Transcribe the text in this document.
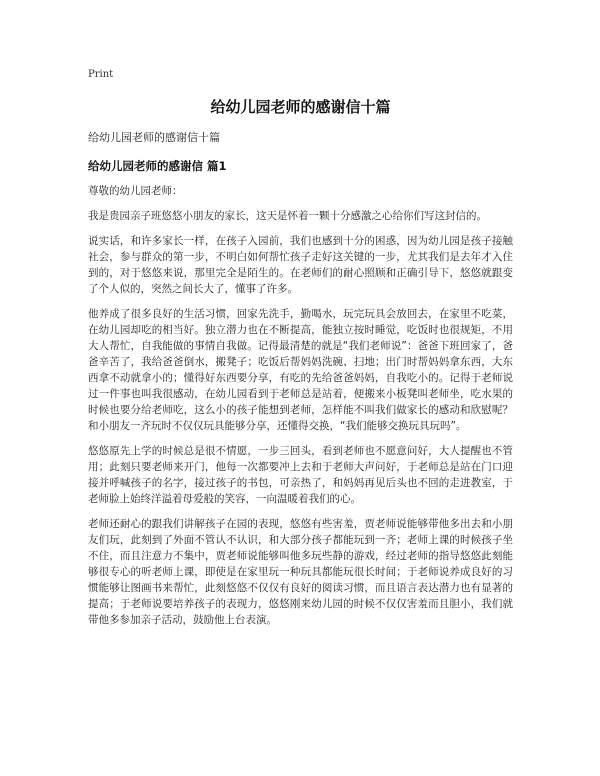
Print
给幼儿园老师的感谢信十篇
给幼儿园老师的感谢信十篇
给幼儿园老师的感谢信 篇1

尊敬的幼儿园老师：

我是贵园亲子班悠悠小朋友的家长，这天是怀着一颗十分感激之心给你们写这封信的。

说实话，和许多家长一样，在孩子入园前，我们也感到十分的困惑，因为幼儿园是孩子接触社会，参与群众的第一步，不明白如何帮忙孩子走好这关键的一步，尤其我们是去年才入住到的，对于悠悠来说，那里完全是陌生的。在老师们的耐心照顾和正确引导下，悠悠就跟变了个人似的，突然之间长大了，懂事了许多。

他养成了很多良好的生活习惯，回家先洗手，勤喝水，玩完玩具会放回去，在家里不吃菜，在幼儿园却吃的相当好。独立潜力也在不断提高，能独立按时睡觉，吃饭时也很规矩，不用大人帮忙，自我能做的事情自我做。记得最清楚的就是“我们老师说”：爸爸下班回家了，爸爸辛苦了，我给爸爸倒水，搬凳子；吃饭后帮妈妈洗碗、扫地；出门时帮妈妈拿东西，大东西拿不动就拿小的；懂得好东西要分享，有吃的先给爸爸妈妈，自我吃小的。记得于老师说过一件事也叫我很感动，在幼儿园看到于老师总是站着，便搬来小板凳叫老师坐，吃水果的时候也要分给老师吃，这么小的孩子能想到老师，怎样能不叫我们做家长的感动和欣慰呢？和小朋友一齐玩时不仅仅玩具能够分享，还懂得交换，“我们能够交换玩具玩吗”。

悠悠原先上学的时候总是很不情愿，一步三回头，看到老师也不愿意问好，大人提醒也不管用；此刻只要老师来开门，他每一次都要冲上去和于老师大声问好，于老师总是站在门口迎接并呼喊孩子的名字，接过孩子的书包，可亲热了，和妈妈再见后头也不回的走进教室，于老师脸上始终洋溢着母爱般的笑容，一向温暖着我们的心。

老师还耐心的跟我们讲解孩子在园的表现，悠悠有些害羞，贾老师说能够带他多出去和小朋友们玩，此刻到了外面不管认不认识，和大部分孩子都能玩到一齐；老师上课的时候孩子坐不住，而且注意力不集中，贾老师说能够叫他多玩些静的游戏，经过老师的指导悠悠此刻能够很专心的听老师上课，即使是在家里玩一种玩具都能玩很长时间；于老师说养成良好的习惯能够让图画书来帮忙，此刻悠悠不仅仅有良好的阅读习惯，而且语言表达潜力也有显著的提高；于老师说要培养孩子的表现力，悠悠刚来幼儿园的时候不仅仅害羞而且胆小，我们就带他多参加亲子活动，鼓励他上台表演。
